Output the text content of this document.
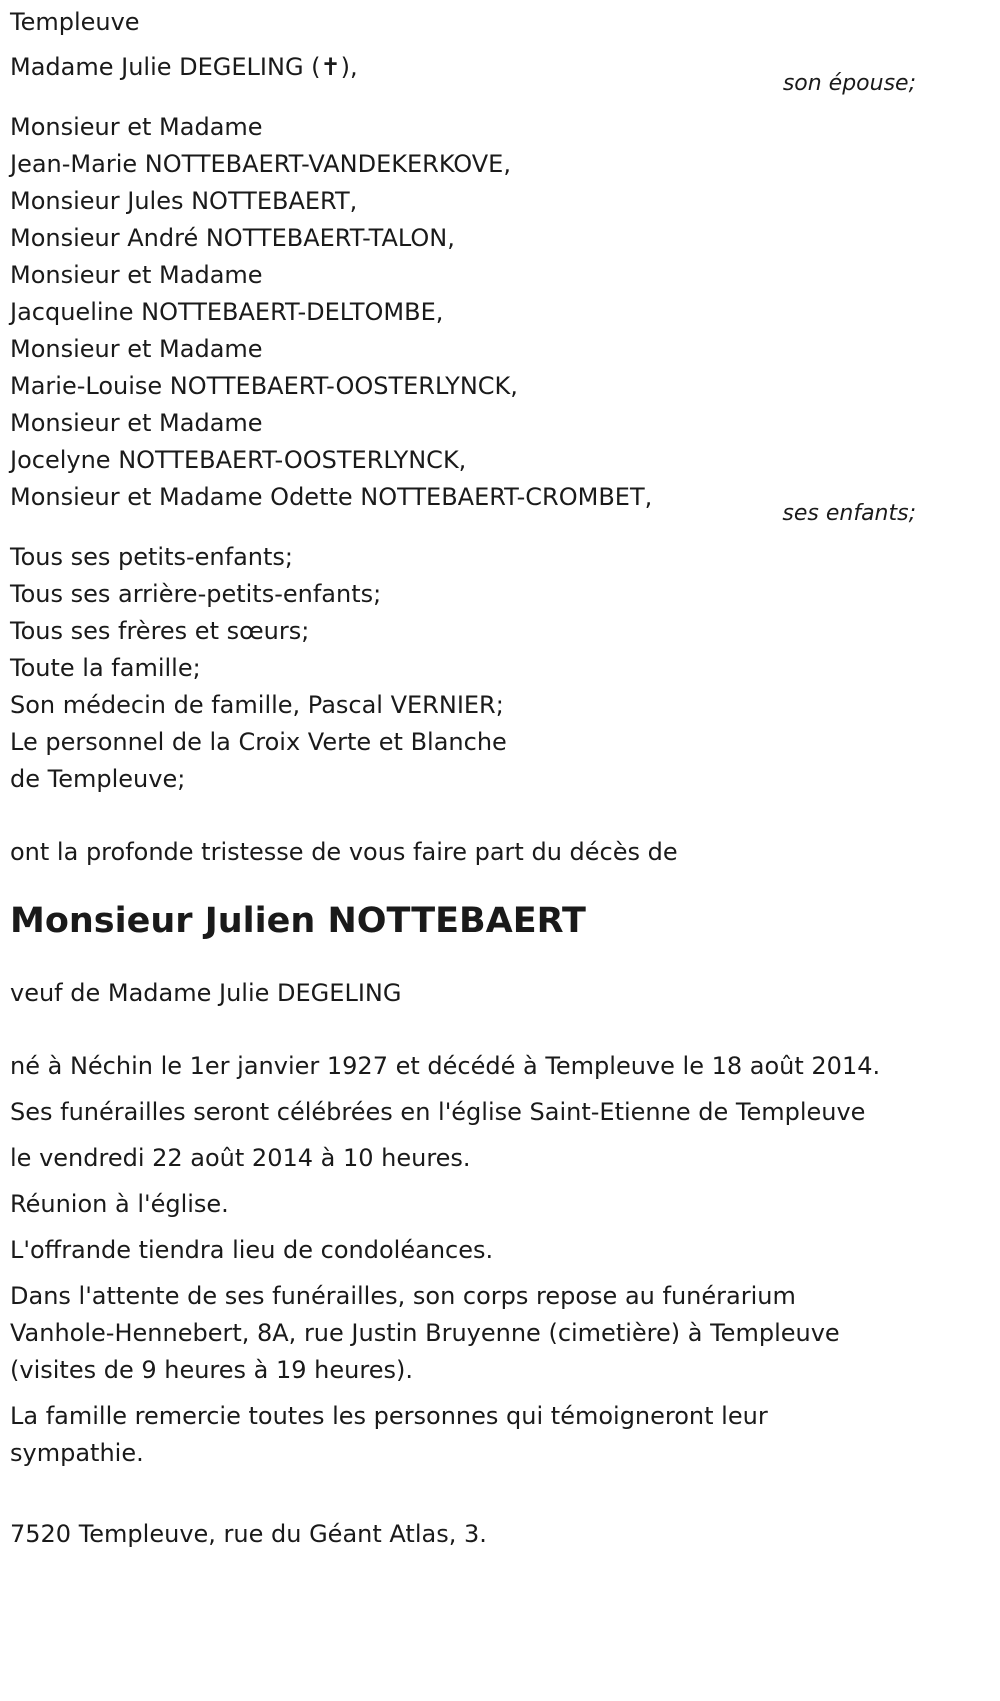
Templeuve
Madame Julie DEGELING (✝),
son épouse;
Monsieur et Madame
Jean-Marie NOTTEBAERT-VANDEKERKOVE,
Monsieur Jules NOTTEBAERT,
Monsieur André NOTTEBAERT-TALON,
Monsieur et Madame
Jacqueline NOTTEBAERT-DELTOMBE,
Monsieur et Madame
Marie-Louise NOTTEBAERT-OOSTERLYNCK,
Monsieur et Madame
Jocelyne NOTTEBAERT-OOSTERLYNCK,
Monsieur et Madame Odette NOTTEBAERT-CROMBET,
ses enfants;
Tous ses petits-enfants;
Tous ses arrière-petits-enfants;
Tous ses frères et sœurs;
Toute la famille;
Son médecin de famille, Pascal VERNIER;
Le personnel de la Croix Verte et Blanche
de Templeuve;
ont la profonde tristesse de vous faire part du décès de
Monsieur Julien NOTTEBAERT
veuf de Madame Julie DEGELING
né à Néchin le 1er janvier 1927 et décédé à Templeuve le 18 août 2014.
Ses funérailles seront célébrées en l'église Saint-Etienne de Templeuve
le vendredi 22 août 2014 à 10 heures.
Réunion à l'église.
L'offrande tiendra lieu de condoléances.
Dans l'attente de ses funérailles, son corps repose au funérarium
Vanhole-Hennebert, 8A, rue Justin Bruyenne (cimetière) à Templeuve
(visites de 9 heures à 19 heures).
La famille remercie toutes les personnes qui témoigneront leur
sympathie.
7520 Templeuve, rue du Géant Atlas, 3.
